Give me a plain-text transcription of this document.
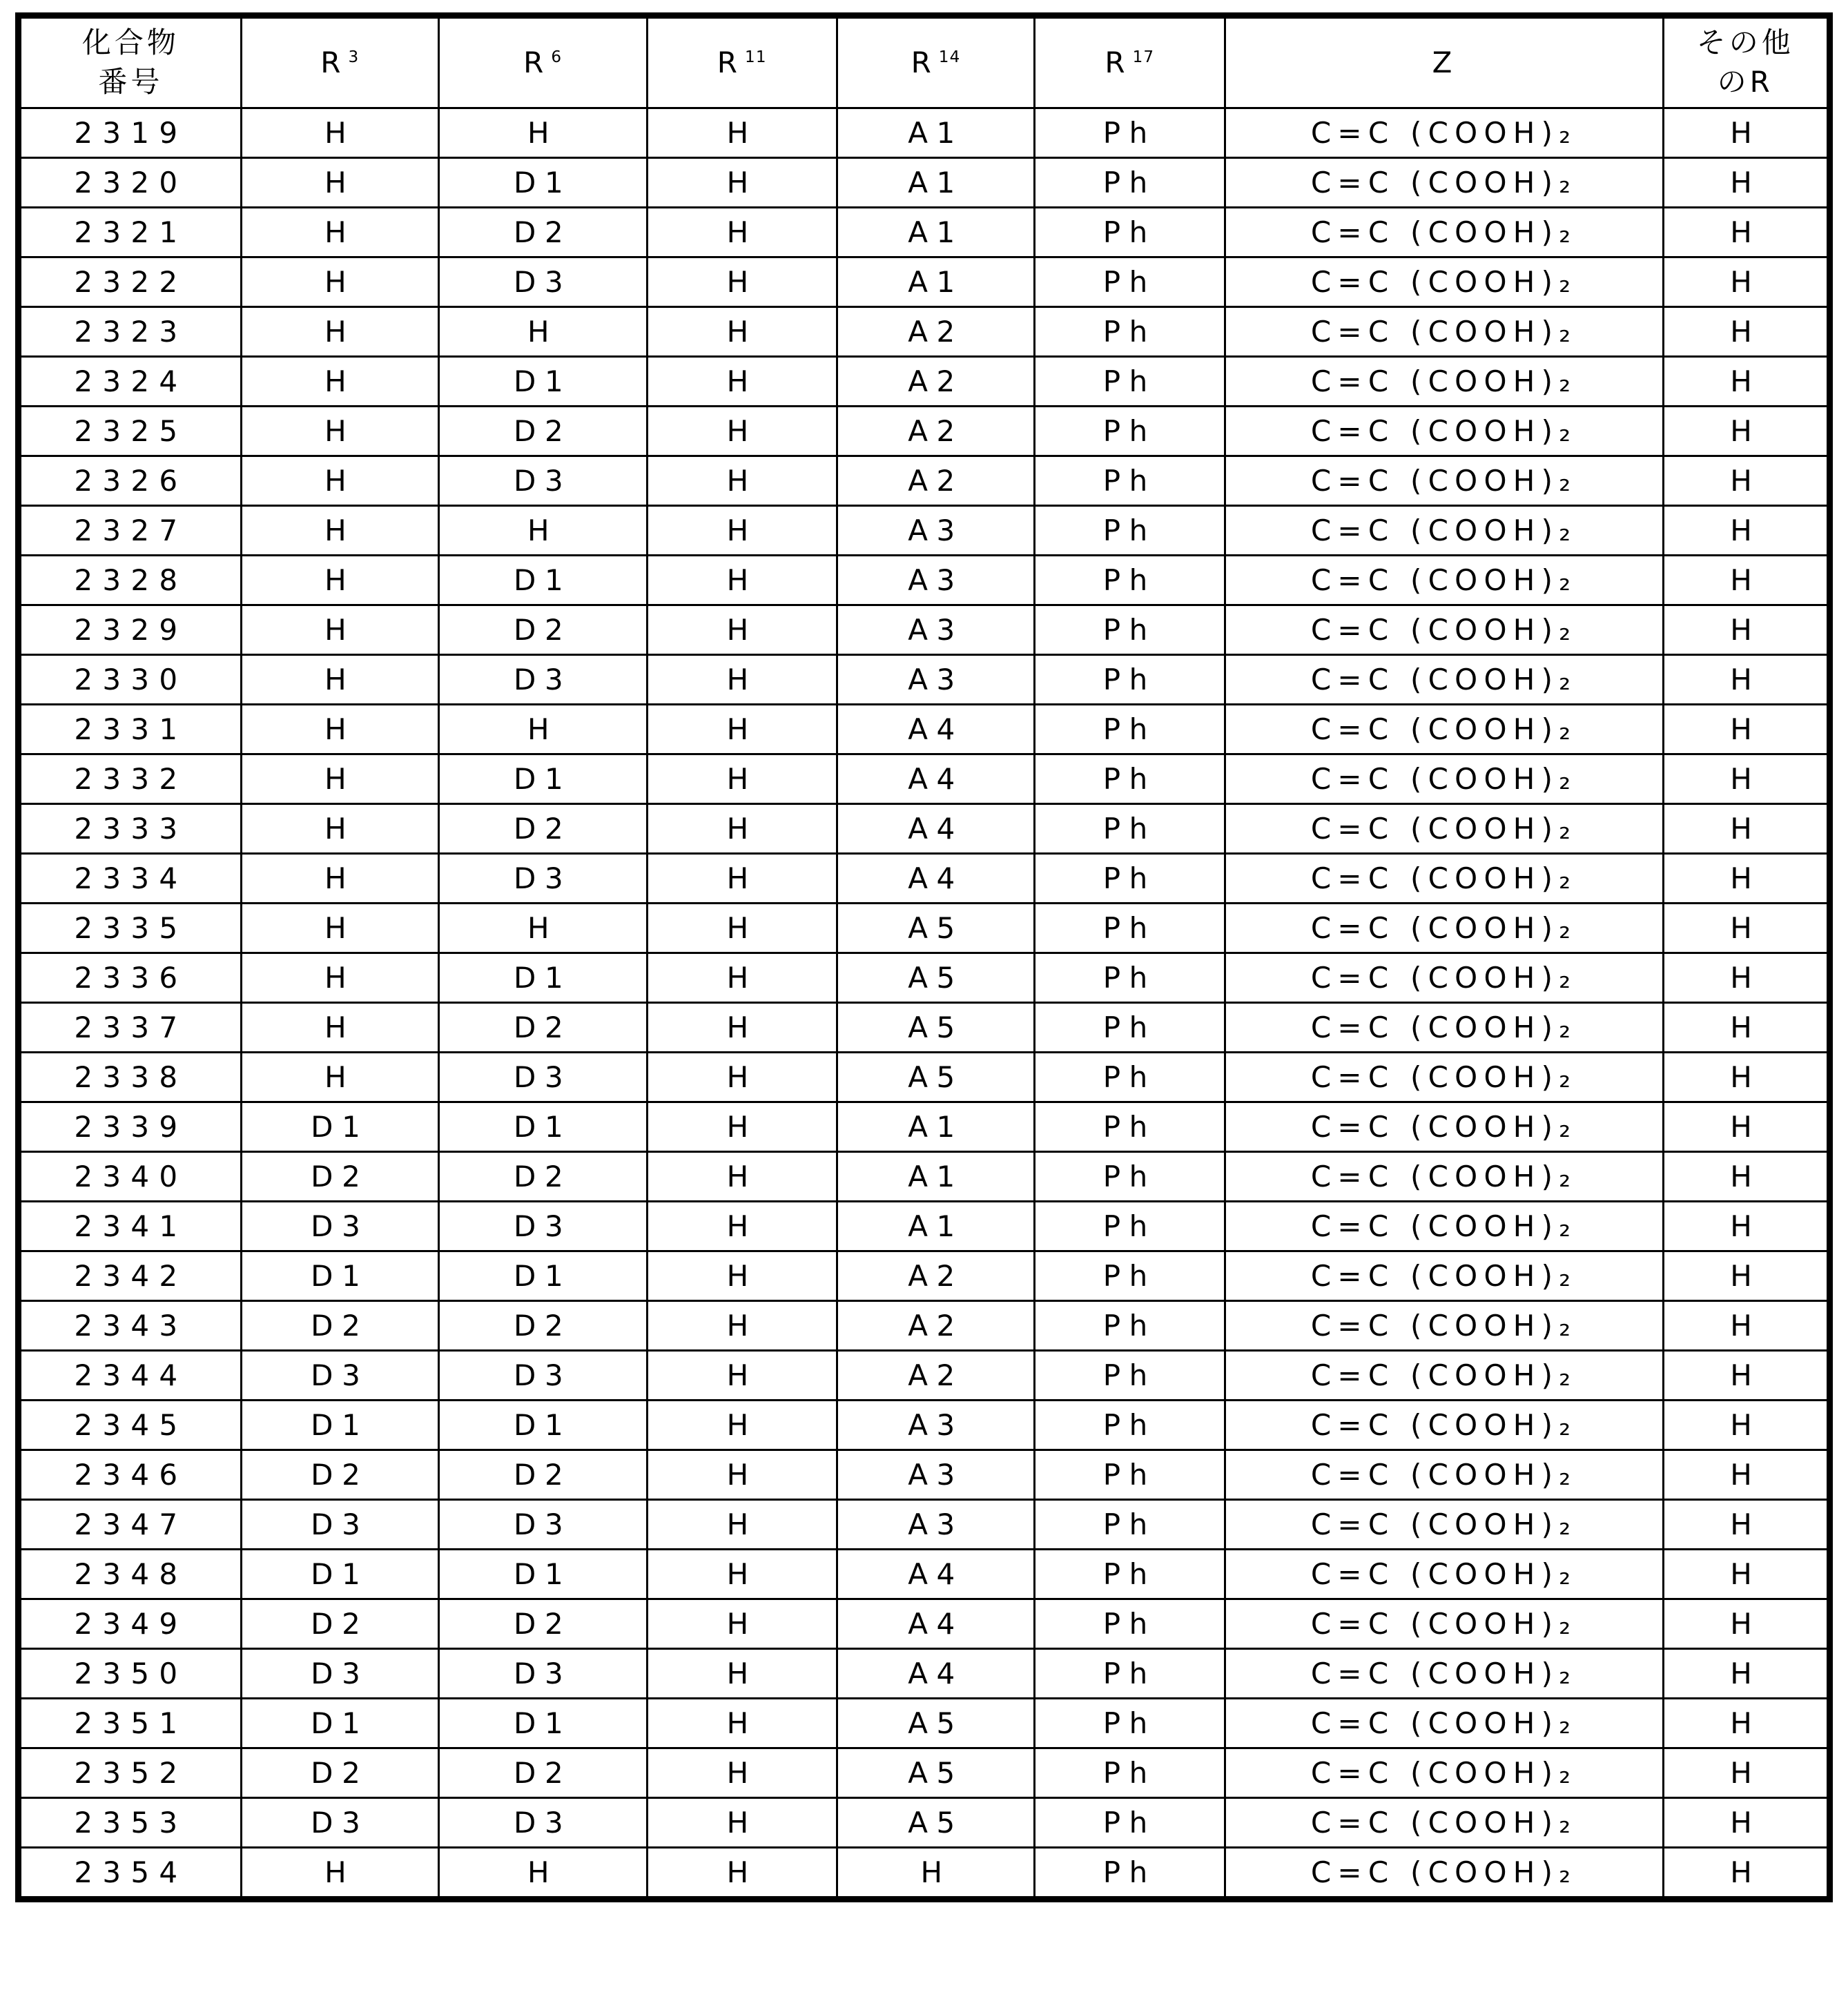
化合物
番号	R $^3$	R $^6$	R $^{11}$	R $^{14}$	R $^{17}$	Z	その他
のR
2319	H	H	H	A1	Ph	C=C (COOH)₂	H
2320	H	D1	H	A1	Ph	C=C (COOH)₂	H
2321	H	D2	H	A1	Ph	C=C (COOH)₂	H
2322	H	D3	H	A1	Ph	C=C (COOH)₂	H
2323	H	H	H	A2	Ph	C=C (COOH)₂	H
2324	H	D1	H	A2	Ph	C=C (COOH)₂	H
2325	H	D2	H	A2	Ph	C=C (COOH)₂	H
2326	H	D3	H	A2	Ph	C=C (COOH)₂	H
2327	H	H	H	A3	Ph	C=C (COOH)₂	H
2328	H	D1	H	A3	Ph	C=C (COOH)₂	H
2329	H	D2	H	A3	Ph	C=C (COOH)₂	H
2330	H	D3	H	A3	Ph	C=C (COOH)₂	H
2331	H	H	H	A4	Ph	C=C (COOH)₂	H
2332	H	D1	H	A4	Ph	C=C (COOH)₂	H
2333	H	D2	H	A4	Ph	C=C (COOH)₂	H
2334	H	D3	H	A4	Ph	C=C (COOH)₂	H
2335	H	H	H	A5	Ph	C=C (COOH)₂	H
2336	H	D1	H	A5	Ph	C=C (COOH)₂	H
2337	H	D2	H	A5	Ph	C=C (COOH)₂	H
2338	H	D3	H	A5	Ph	C=C (COOH)₂	H
2339	D1	D1	H	A1	Ph	C=C (COOH)₂	H
2340	D2	D2	H	A1	Ph	C=C (COOH)₂	H
2341	D3	D3	H	A1	Ph	C=C (COOH)₂	H
2342	D1	D1	H	A2	Ph	C=C (COOH)₂	H
2343	D2	D2	H	A2	Ph	C=C (COOH)₂	H
2344	D3	D3	H	A2	Ph	C=C (COOH)₂	H
2345	D1	D1	H	A3	Ph	C=C (COOH)₂	H
2346	D2	D2	H	A3	Ph	C=C (COOH)₂	H
2347	D3	D3	H	A3	Ph	C=C (COOH)₂	H
2348	D1	D1	H	A4	Ph	C=C (COOH)₂	H
2349	D2	D2	H	A4	Ph	C=C (COOH)₂	H
2350	D3	D3	H	A4	Ph	C=C (COOH)₂	H
2351	D1	D1	H	A5	Ph	C=C (COOH)₂	H
2352	D2	D2	H	A5	Ph	C=C (COOH)₂	H
2353	D3	D3	H	A5	Ph	C=C (COOH)₂	H
2354	H	H	H	H	Ph	C=C (COOH)₂	H
